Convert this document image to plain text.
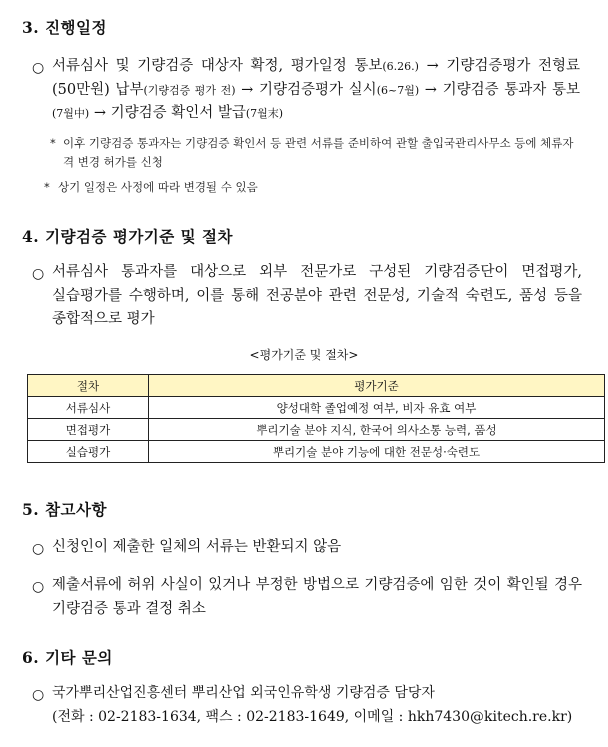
3. 진행일정
○ 서류심사 및 기량검증 대상자 확정, 평가일정 통보(6.26.) → 기량검증평가 전형료(50만원) 납부(기량검증 평가 전) → 기량검증평가 실시(6~7월) → 기량검증 통과자 통보(7월中) → 기량검증 확인서 발급(7월末)
* 이후 기량검증 통과자는 기량검증 확인서 등 관련 서류를 준비하여 관할 출입국관리사무소 등에 체류자격 변경 허가를 신청
* 상기 일정은 사정에 따라 변경될 수 있음
4. 기량검증 평가기준 및 절차
○ 서류심사 통과자를 대상으로 외부 전문가로 구성된 기량검증단이 면접평가, 실습평가를 수행하며, 이를 통해 전공분야 관련 전문성, 기술적 숙련도, 품성 등을 종합적으로 평가
<평가기준 및 절차>
절차	평가기준
서류심사	양성대학 졸업예정 여부, 비자 유효 여부
면접평가	뿌리기술 분야 지식, 한국어 의사소통 능력, 품성
실습평가	뿌리기술 분야 기능에 대한 전문성·숙련도
5. 참고사항
○ 신청인이 제출한 일체의 서류는 반환되지 않음
○ 제출서류에 허위 사실이 있거나 부정한 방법으로 기량검증에 임한 것이 확인될 경우 기량검증 통과 결정 취소
6. 기타 문의
○ 국가뿌리산업진흥센터 뿌리산업 외국인유학생 기량검증 담당자
(전화 : 02-2183-1634, 팩스 : 02-2183-1649, 이메일 : hkh7430@kitech.re.kr)
